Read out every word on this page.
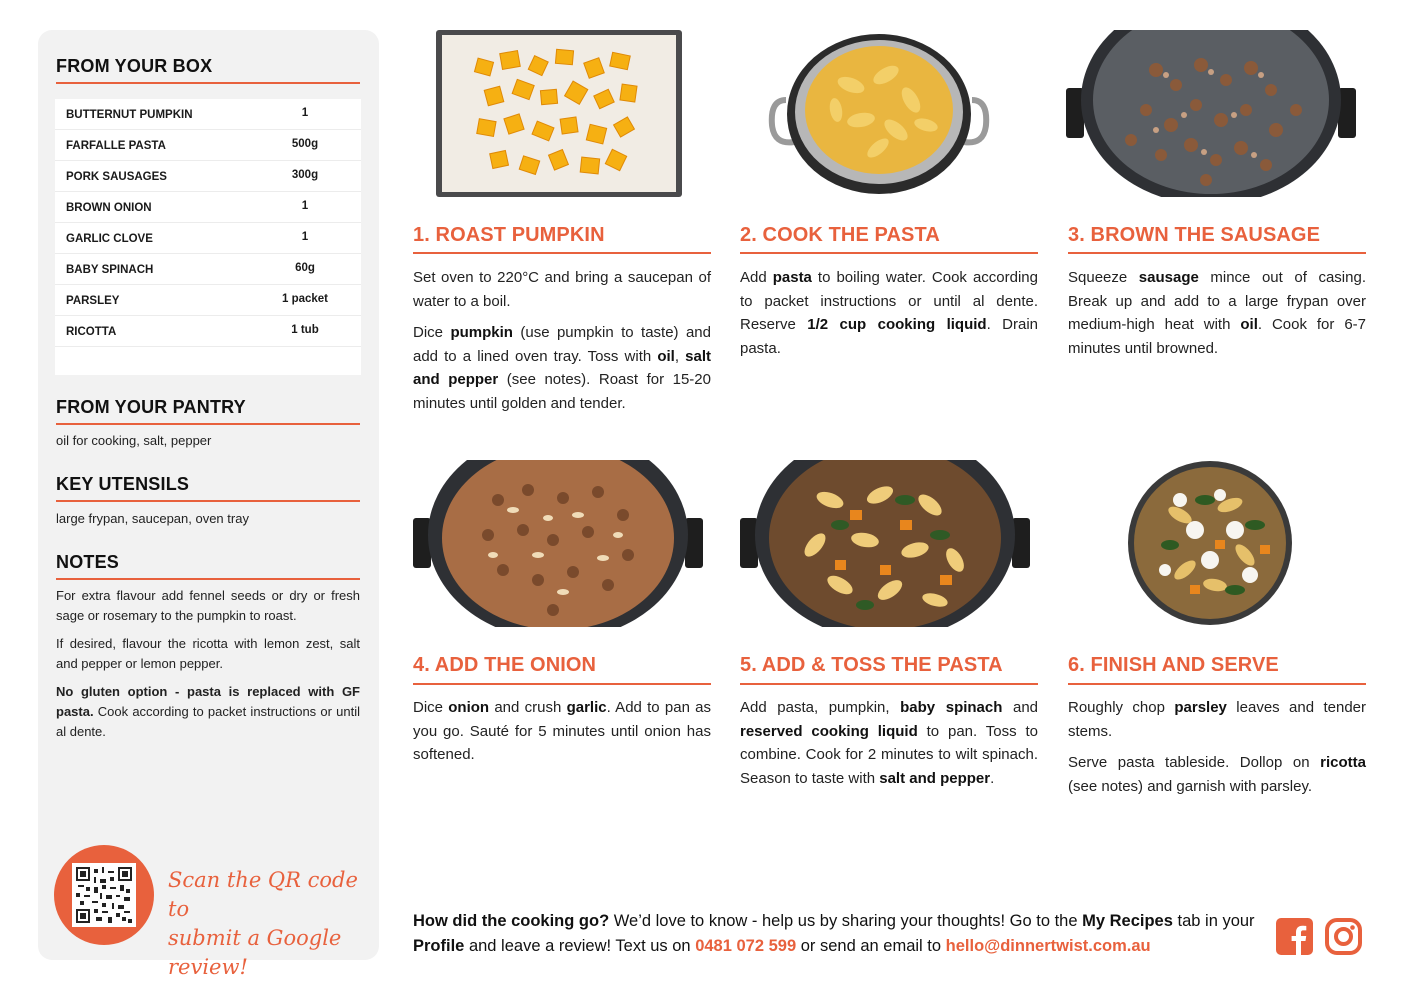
FROM YOUR BOX
BUTTERNUT PUMPKIN	1
FARFALLE PASTA	500g
PORK SAUSAGES	300g
BROWN ONION	1
GARLIC CLOVE	1
BABY SPINACH	60g
PARSLEY	1 packet
RICOTTA	1 tub
FROM YOUR PANTRY
oil for cooking, salt, pepper
KEY UTENSILS
large frypan, saucepan, oven tray
NOTES

For extra flavour add fennel seeds or dry or fresh sage or rosemary to the pumpkin to roast.

If desired, flavour the ricotta with lemon zest, salt and pepper or lemon pepper.

No gluten option - pasta is replaced with GF pasta. Cook according to packet instructions or until al dente.

Scan the QR code to
submit a Google review!
1. ROAST PUMPKIN	2. COOK THE PASTA	3. BROWN THE SAUSAGE
4. ADD THE ONION	5. ADD & TOSS THE PASTA	6. FINISH AND SERVE

Set oven to 220°C and bring a saucepan of water to a boil.

Dice pumpkin (use pumpkin to taste) and add to a lined oven tray. Toss with oil, salt and pepper (see notes). Roast for 15-20 minutes until golden and tender.

Add pasta to boiling water. Cook according to packet instructions or until al dente. Reserve 1/2 cup cooking liquid. Drain pasta.

Squeeze sausage mince out of casing. Break up and add to a large frypan over medium-high heat with oil. Cook for 6-7 minutes until browned.

Dice onion and crush garlic. Add to pan as you go. Sauté for 5 minutes until onion has softened.

Add pasta, pumpkin, baby spinach and reserved cooking liquid to pan. Toss to combine. Cook for 2 minutes to wilt spinach. Season to taste with salt and pepper.

Roughly chop parsley leaves and tender stems.

Serve pasta tableside. Dollop on ricotta (see notes) and garnish with parsley.

How did the cooking go? We’d love to know - help us by sharing your thoughts! Go to the My Recipes tab in your Profile and leave a review! Text us on 0481 072 599 or send an email to hello@dinnertwist.com.au
